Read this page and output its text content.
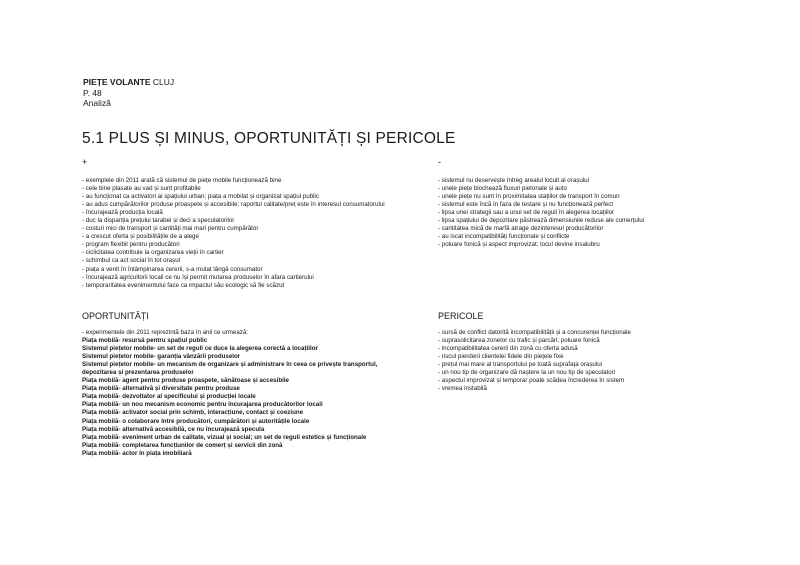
PIEȚE VOLANTE CLUJ
P. 48
Analiză
5.1 PLUS ȘI MINUS, OPORTUNITĂȚI ȘI PERICOLE
+
- exemplele din 2011 arată că sistemul de piețe mobile funcționează bine
- cele bine plasate au vad și sunt profitabile
- au funcționat ca activatori ai spațiului urban; piața a mobilat și organizat spațiul public
- au adus cumpărătorilor produse proaspete și accesibile; raportul calitate/preț este în interesul consumatorului
- încurajează producția locală
- duc la dispariția prețului tarabei și deci a speculatorilor
- costuri mici de transport și cantități mai mari pentru cumpărător
- a crescut oferta și posibilitățile de a alege
- program flexibil pentru producători
- ciclicitatea contribuie la organizarea vieții în cartier
- schimbul ca act social în tot orașul
- piața a venit în întâmpinarea cererii, s-a mutat lângă consumator
- încurajează agricultorii locali ce nu își permit mutarea produselor în afara cartierului
- temporaritatea evenimentului face ca impactul său ecologic să fie scăzut
-
- sistemul nu deservește întreg arealul locuit al orașului
- unele piețe blochează fluxuri pietonale și auto
- unele piețe nu sunt în proximitatea stațiilor de transport în comun
- sistemul este încă în faza de testare și nu funcționează perfect
- lipsa unei strategii sau a unui set de reguli în alegerea locațiilor
- lipsa spațiului de depozitare păstrează dimensiunile reduse ale comerțului
- cantitatea mică de marfă atrage dezinteresul producătorilor
- au iscat incompatibilități funcționale și conflicte
- poluare fonică și aspect improvizat; locul devine insalubru
OPORTUNITĂȚI
- experimentele din 2011 reprezintă baza în anii ce urmează:
Piața mobilă- resursă pentru spațiul public
Sistemul piețelor mobile- un set de reguli ce duce la alegerea corectă a locațiilor
Sistemul piețelor mobile- garanția vânzării produselor
Sistemul piețelor mobile- un mecanism de organizare și administrare în ceea ce privește transportul,
depozitarea și prezentarea produselor
Piața mobilă- agent pentru produse proaspete, sănătoase și accesibile
Piața mobilă- alternativă și diversitate pentru produse
Piața mobilă- dezvoltator al specificului și producției locale
Piața mobilă- un nou mecanism economic pentru încurajarea producătorilor locali
Piața mobilă- activator social prin schimb, interacțiune, contact și coeziune
Piața mobilă- o colaborare între producători, cumpărători și autoritățile locale
Piața mobilă- alternativă accesibilă, ce nu încurajează specula
Piața mobilă- eveniment urban de calitate, vizual și social; un set de reguli estetice și funcționale
Piața mobilă- completarea funcțiunilor de comerț și servicii din zonă
Piața mobilă- actor în piața imobiliară
PERICOLE
- sursă de conflict datorită incompatibilității și a concurenței funcționale
- suprasolicitarea zonelor cu trafic și parcări; poluare fonică
- incompatibilitatea cererii din zonă cu oferta adusă
- riscul pierderii clientelei fidele din piețele fixe
- prețul mai mare al transportului pe toată suprafața orașului
- un nou tip de organizare dă naștere la un nou tip de speculatori
- aspectul improvizat și temporar poate scădea încrederea în sistem
- vremea instabilă
